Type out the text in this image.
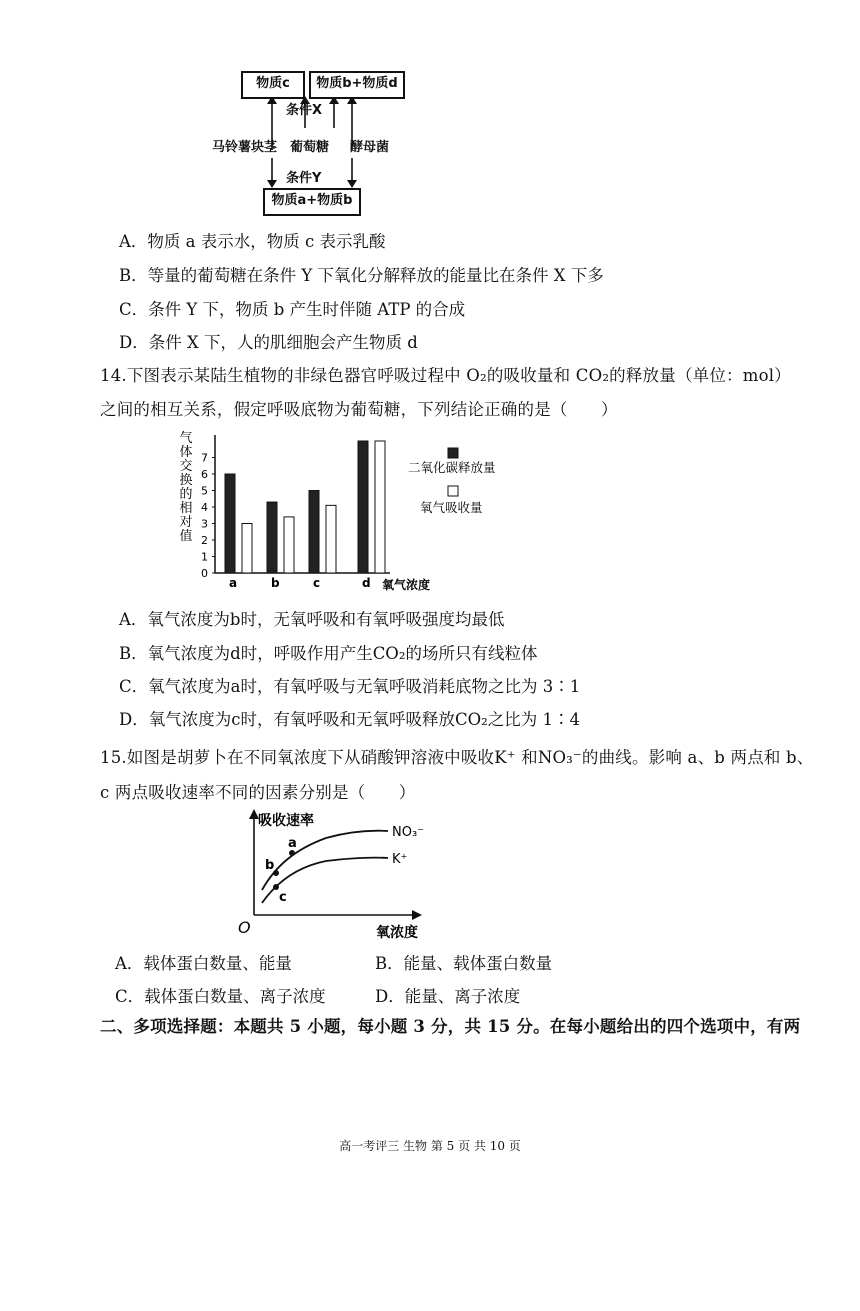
物质c	物质b+物质d
条件X
马铃薯块茎 葡萄糖 酵母菌
条件Y
物质a+物质b
A．物质 a 表示水，物质 c 表示乳酸
B．等量的葡萄糖在条件 Y 下氧化分解释放的能量比在条件 X 下多
C．条件 Y 下，物质 b 产生时伴随 ATP 的合成
D．条件 X 下，人的肌细胞会产生物质 d
14.下图表示某陆生植物的非绿色器官呼吸过程中 O₂的吸收量和 CO₂的释放量（单位：mol）
之间的相互关系，假定呼吸底物为葡萄糖，下列结论正确的是（　　）
气
体
交
换
的
相
对
值
氧气浓度
0
1
2
3
4
5
6
7
a	b	c	d
二氧化碳释放量
氧气吸收量
A．氧气浓度为b时，无氧呼吸和有氧呼吸强度均最低
B．氧气浓度为d时，呼吸作用产生CO₂的场所只有线粒体
C．氧气浓度为a时，有氧呼吸与无氧呼吸消耗底物之比为 3∶1
D．氧气浓度为c时，有氧呼吸和无氧呼吸释放CO₂之比为 1∶4
15.如图是胡萝卜在不同氧浓度下从硝酸钾溶液中吸收K⁺ 和NO₃⁻的曲线。影响 a、b 两点和 b、
c 两点吸收速率不同的因素分别是（　　）
吸收速率
O	氧浓度
NO₃⁻
K⁺
a
b
c
A．载体蛋白数量、能量	B．能量、载体蛋白数量
C．载体蛋白数量、离子浓度	D．能量、离子浓度
二、多项选择题：本题共 5 小题，每小题 3 分，共 15 分。在每小题给出的四个选项中，有两
高一考评三 生物 第 5 页 共 10 页
